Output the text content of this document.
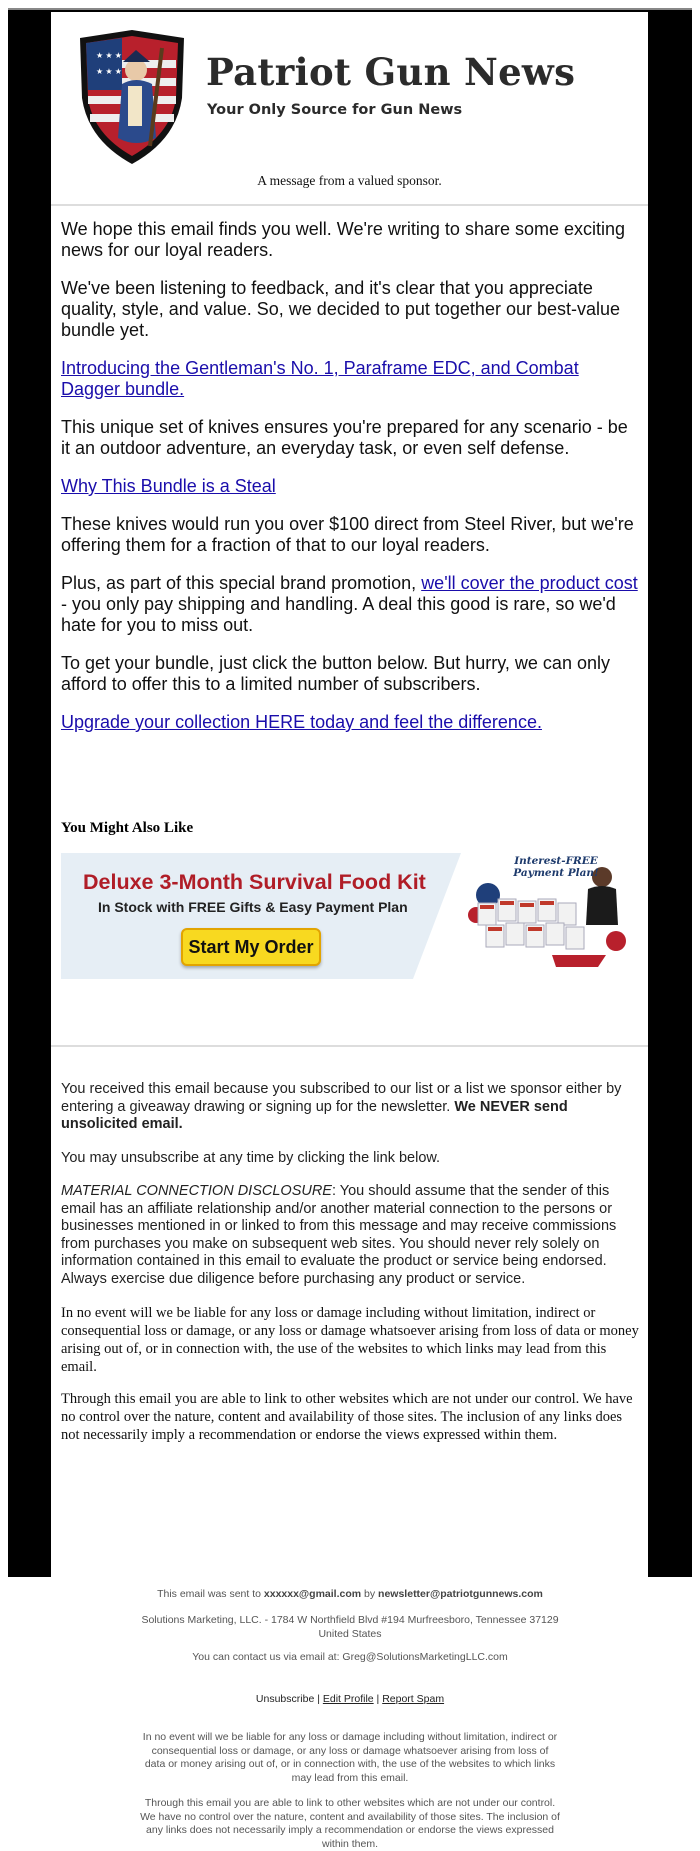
★ ★ ★
★ ★ ★ Patriot Gun News

Your Only Source for Gun News

A message from a valued sponsor.

We hope this email finds you well. We're writing to share some exciting news for our loyal readers.

We've been listening to feedback, and it's clear that you appreciate quality, style, and value. So, we decided to put together our best-value bundle yet.

Introducing the Gentleman's No. 1, Paraframe EDC, and Combat Dagger bundle.

This unique set of knives ensures you're prepared for any scenario - be it an outdoor adventure, an everyday task, or even self defense.

Why This Bundle is a Steal

These knives would run you over $100 direct from Steel River, but we're offering them for a fraction of that to our loyal readers.

Plus, as part of this special brand promotion, we'll cover the product cost - you only pay shipping and handling. A deal this good is rare, so we'd hate for you to miss out.

To get your bundle, just click the button below. But hurry, we can only afford to offer this to a limited number of subscribers.

Upgrade your collection HERE today and feel the difference.

You Might Also Like
Deluxe 3-Month Survival Food Kit
In Stock with FREE Gifts & Easy Payment Plan
Start My Order
Interest-FREE Payment Plan!

You received this email because you subscribed to our list or a list we sponsor either by entering a giveaway drawing or signing up for the newsletter. We NEVER send unsolicited email.

You may unsubscribe at any time by clicking the link below.

MATERIAL CONNECTION DISCLOSURE: You should assume that the sender of this email has an affiliate relationship and/or another material connection to the persons or businesses mentioned in or linked to from this message and may receive commissions from purchases you make on subsequent web sites. You should never rely solely on information contained in this email to evaluate the product or service being endorsed. Always exercise due diligence before purchasing any product or service.

In no event will we be liable for any loss or damage including without limitation, indirect or consequential loss or damage, or any loss or damage whatsoever arising from loss of data or money arising out of, or in connection with, the use of the websites to which links may lead from this email.

Through this email you are able to link to other websites which are not under our control. We have no control over the nature, content and availability of those sites. The inclusion of any links does not necessarily imply a recommendation or endorse the views expressed within them.

This email was sent to xxxxxx@gmail.com by newsletter@patriotgunnews.com

Solutions Marketing, LLC. - 1784 W Northfield Blvd #194 Murfreesboro, Tennessee 37129 United States

You can contact us via email at: Greg@SolutionsMarketingLLC.com

Unsubscribe | Edit Profile | Report Spam

In no event will we be liable for any loss or damage including without limitation, indirect or consequential loss or damage, or any loss or damage whatsoever arising from loss of data or money arising out of, or in connection with, the use of the websites to which links may lead from this email.

Through this email you are able to link to other websites which are not under our control. We have no control over the nature, content and availability of those sites. The inclusion of any links does not necessarily imply a recommendation or endorse the views expressed within them.
